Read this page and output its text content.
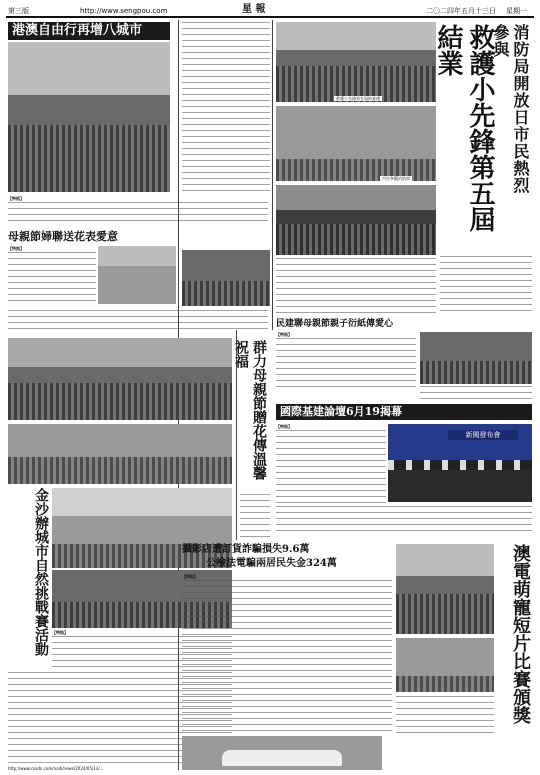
第三版	http://www.sengpou.com	星 報	二〇二四年五月十三日 星期一
港澳自由行再增八城市
【特訊】
救護小先鋒第五屆結業禮
市民參觀消防車	消防局開放日市民熱烈參與
救護小先鋒第五屆結業
母親節婦聯送花表愛意
【特訊】
民建聯母親節親子衍紙傳愛心
【特訊】
群力母親節贈花傳溫馨祝福
國際基建論壇6月19揭幕
【特訊】
新聞發布會
金沙辦城市自然挑戰賽活動 【特訊】
攝影店遭訂貨詐騙損失9.6萬
公檢法電騙兩居民失金324萬
【特訊】	澳電萌寵短片比賽頒獎
http://www.cssdn.com/nadi/news/2024/05/13/...
